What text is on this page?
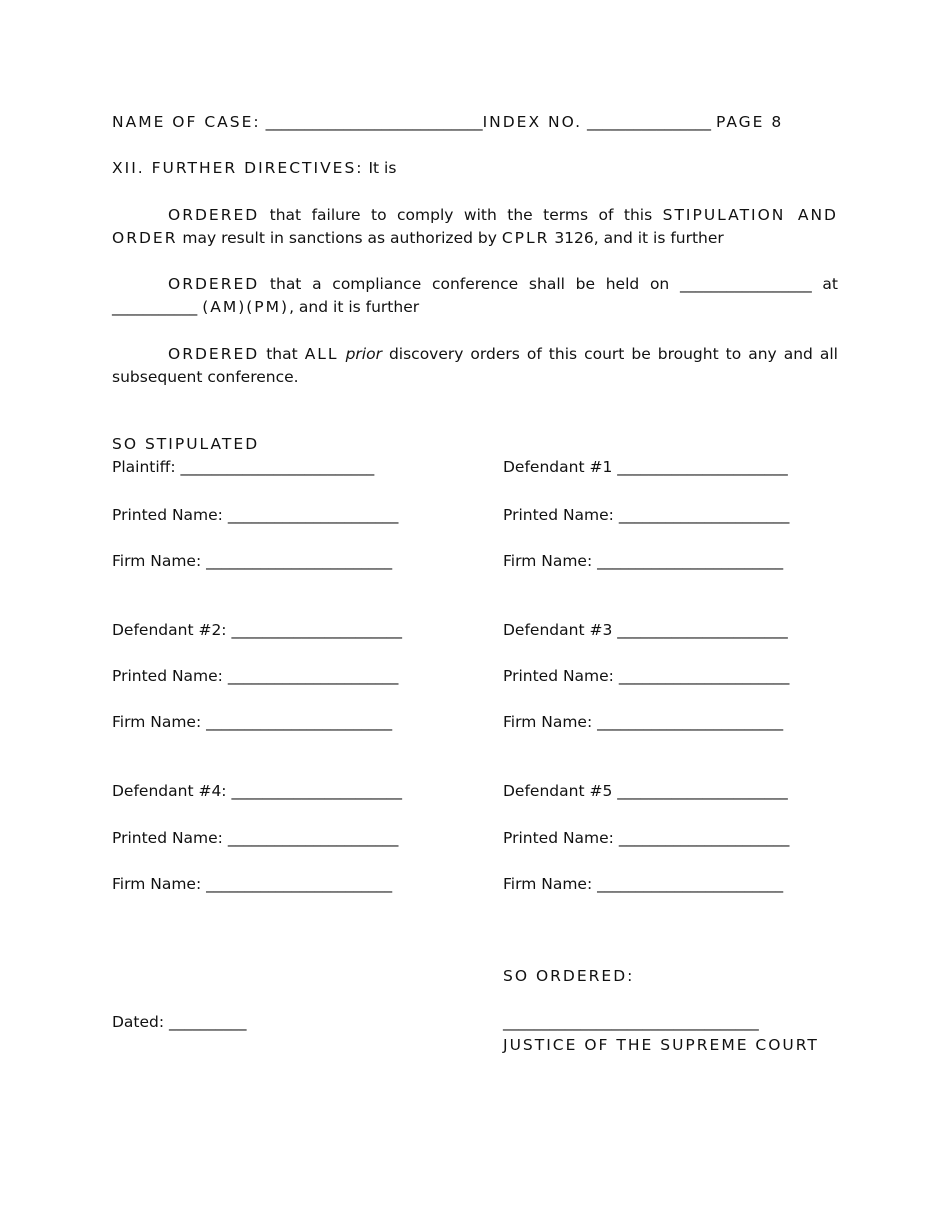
NAME OF CASE: ____________________________INDEX NO. ________________ PAGE 8
XII. FURTHER DIRECTIVES: It is
ORDERED that failure to comply with the terms of this STIPULATION AND ORDER may result in sanctions as authorized by CPLR 3126, and it is further
ORDERED that a compliance conference shall be held on _________________ at ___________ (AM)(PM), and it is further
ORDERED that ALL prior discovery orders of this court be brought to any and all subsequent conference.
SO STIPULATED
Plaintiff: _________________________
Printed Name: ______________________
Firm Name: ________________________
Defendant #2: ______________________
Printed Name: ______________________
Firm Name: ________________________
Defendant #4: ______________________
Printed Name: ______________________
Firm Name: ________________________
Defendant #1 ______________________
Printed Name: ______________________
Firm Name: ________________________
Defendant #3 ______________________
Printed Name: ______________________
Firm Name: ________________________
Defendant #5 ______________________
Printed Name: ______________________
Firm Name: ________________________
SO ORDERED:
Dated: __________	_________________________________
JUSTICE OF THE SUPREME COURT
